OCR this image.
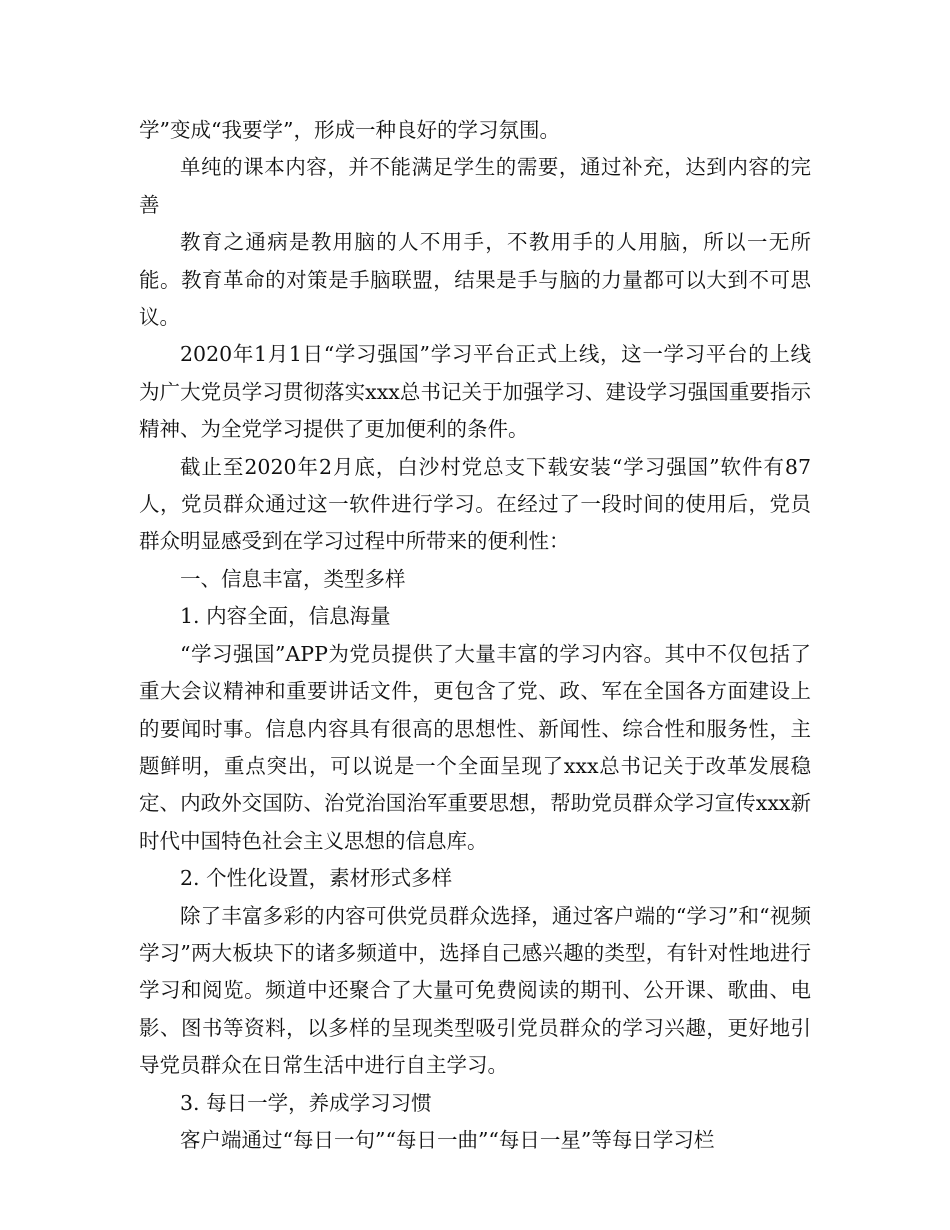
学”变成“我要学”，形成一种良好的学习氛围。

单纯的课本内容，并不能满足学生的需要，通过补充，达到内容的完善

教育之通病是教用脑的人不用手，不教用手的人用脑，所以一无所能。教育革命的对策是手脑联盟，结果是手与脑的力量都可以大到不可思议。

2020年1月1日“学习强国”学习平台正式上线，这一学习平台的上线为广大党员学习贯彻落实xxx总书记关于加强学习、建设学习强国重要指示精神、为全党学习提供了更加便利的条件。

截止至2020年2月底，白沙村党总支下载安装“学习强国”软件有87人，党员群众通过这一软件进行学习。在经过了一段时间的使用后，党员群众明显感受到在学习过程中所带来的便利性：

一、信息丰富，类型多样

1. 内容全面，信息海量

“学习强国”APP为党员提供了大量丰富的学习内容。其中不仅包括了重大会议精神和重要讲话文件，更包含了党、政、军在全国各方面建设上的要闻时事。信息内容具有很高的思想性、新闻性、综合性和服务性，主题鲜明，重点突出，可以说是一个全面呈现了xxx总书记关于改革发展稳定、内政外交国防、治党治国治军重要思想，帮助党员群众学习宣传xxx新时代中国特色社会主义思想的信息库。

2. 个性化设置，素材形式多样

除了丰富多彩的内容可供党员群众选择，通过客户端的“学习”和“视频学习”两大板块下的诸多频道中，选择自己感兴趣的类型，有针对性地进行学习和阅览。频道中还聚合了大量可免费阅读的期刊、公开课、歌曲、电影、图书等资料，以多样的呈现类型吸引党员群众的学习兴趣，更好地引导党员群众在日常生活中进行自主学习。

3. 每日一学，养成学习习惯

客户端通过“每日一句”“每日一曲”“每日一星”等每日学习栏
